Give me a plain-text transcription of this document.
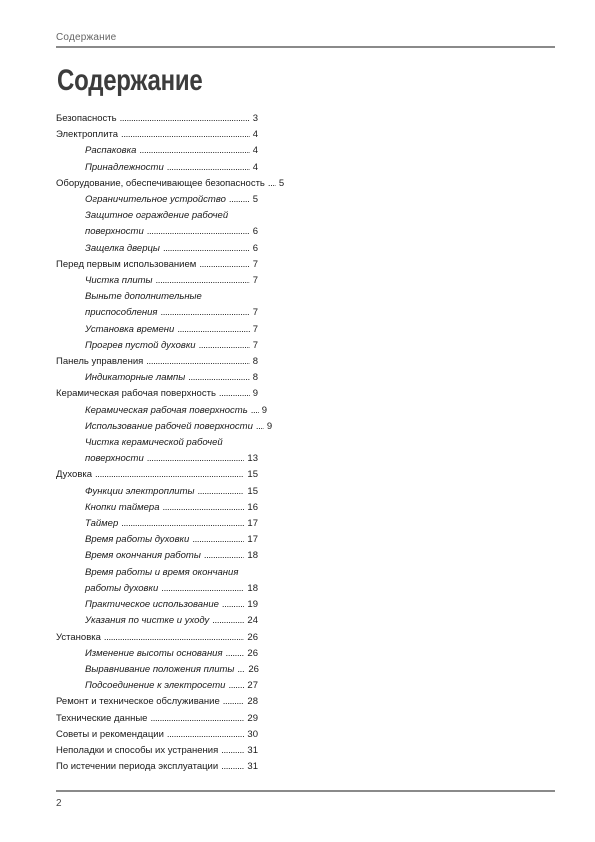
Содержание
Содержание
Безопасность . . .	3
Электроплита . . .	4
Распаковка . . .	4
Принадлежности . . .	4
Оборудование, обеспечивающее безопасность . . . 5
Ограничительное устройство . . .	5
Защитное ограждение рабочей
поверхности . . .	6
Защелка дверцы . . .	6
Перед первым использованием . . .	7
Чистка плиты . . .	7
Выньте дополнительные
приспособления . . .	7
Установка времени . . .	7
Прогрев пустой духовки . . .	7
Панель управления . . .	8
Индикаторные лампы . . .	8
Керамическая рабочая поверхность . . .	9
Керамическая рабочая поверхность . . . 9
Использование рабочей поверхности . . . 9
Чистка керамической рабочей
поверхности . . .	13
Духовка . . .	15
Функции электроплиты . . .	15
Кнопки таймера . . .	16
Таймер . . .	17
Время работы духовки . . .	17
Время окончания работы . . .	18
Время работы и время окончания
работы духовки . . .	18
Практическое использование . . .	19
Указания по чистке и уходу . . .	24
Установка . . .	26
Изменение высоты основания . . .	26
Выравнивание положения плиты . . . 26
Подсоединение к электросети . . . 27
Ремонт и техническое обслуживание . . .	28
Технические данные . . .	29
Советы и рекомендации . . .	30
Неполадки и способы их устранения . . .	31
По истечении периода эксплуатации . . .	31
2
